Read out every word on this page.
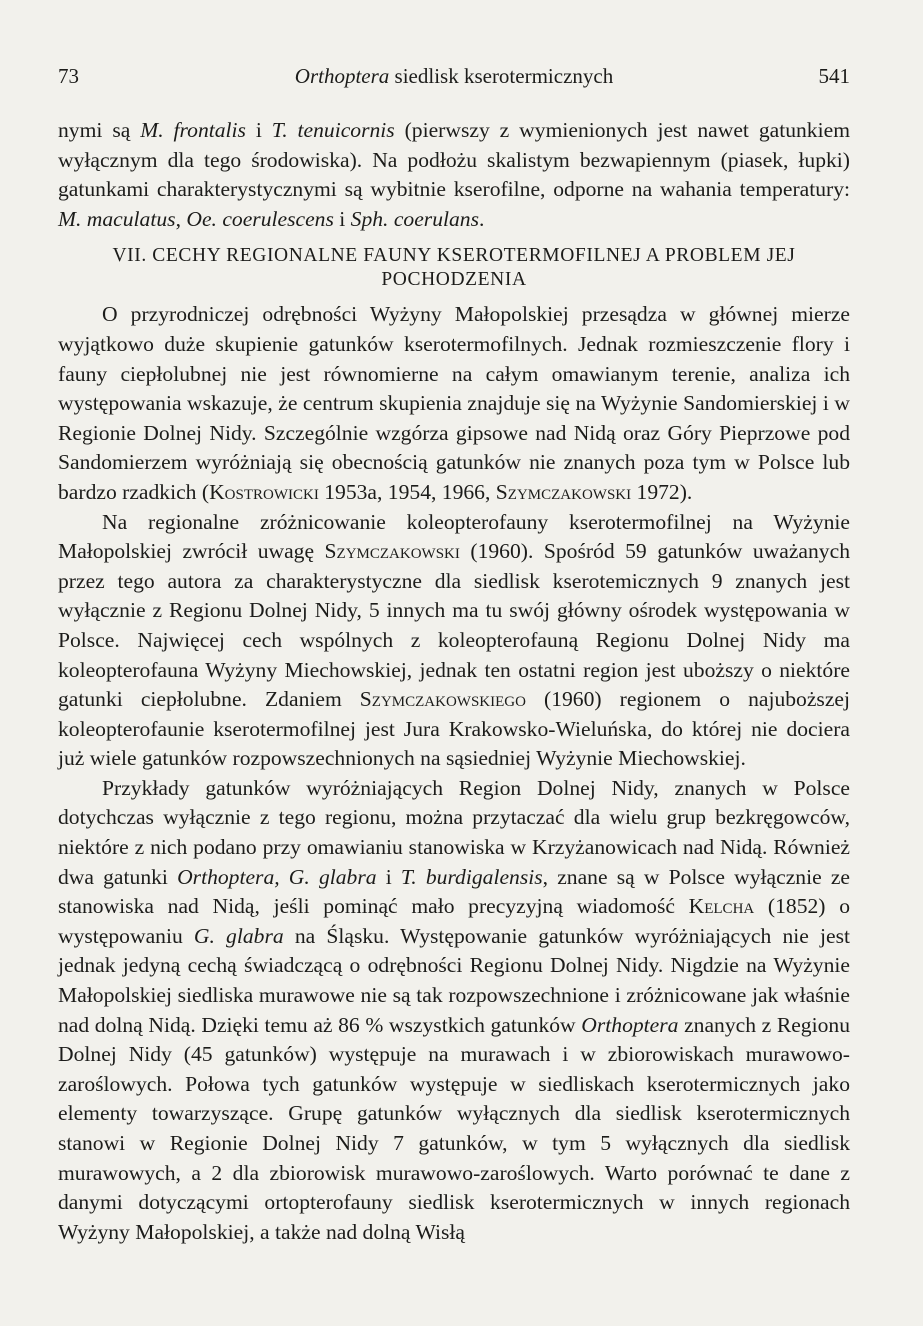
73	Orthoptera siedlisk kserotermicznych	541

nymi są M. frontalis i T. tenuicornis (pierwszy z wymienionych jest nawet gatunkiem wyłącznym dla tego środowiska). Na podłożu skalistym bezwapiennym (piasek, łupki) gatunkami charakterystycznymi są wybitnie kserofilne, odporne na wahania temperatury: M. maculatus, Oe. coerulescens i Sph. coerulans.

VII. CECHY REGIONALNE FAUNY KSEROTERMOFILNEJ A PROBLEM JEJ
POCHODZENIA

O przyrodniczej odrębności Wyżyny Małopolskiej przesądza w głównej mierze wyjątkowo duże skupienie gatunków kserotermofilnych. Jednak rozmieszczenie flory i fauny ciepłolubnej nie jest równomierne na całym omawianym terenie, analiza ich występowania wskazuje, że centrum skupienia znajduje się na Wyżynie Sandomierskiej i w Regionie Dolnej Nidy. Szczególnie wzgórza gipsowe nad Nidą oraz Góry Pieprzowe pod Sandomierzem wyróżniają się obecnością gatunków nie znanych poza tym w Polsce lub bardzo rzadkich (Kostrowicki 1953a, 1954, 1966, Szymczakowski 1972).

Na regionalne zróżnicowanie koleopterofauny kserotermofilnej na Wyżynie Małopolskiej zwrócił uwagę Szymczakowski (1960). Spośród 59 gatunków uważanych przez tego autora za charakterystyczne dla siedlisk kserotemicznych 9 znanych jest wyłącznie z Regionu Dolnej Nidy, 5 innych ma tu swój główny ośrodek występowania w Polsce. Najwięcej cech wspólnych z koleopterofauną Regionu Dolnej Nidy ma koleopterofauna Wyżyny Miechowskiej, jednak ten ostatni region jest uboższy o niektóre gatunki ciepłolubne. Zdaniem Szymczakowskiego (1960) regionem o najuboższej koleopterofaunie kserotermofilnej jest Jura Krakowsko-Wieluńska, do której nie dociera już wiele gatunków rozpowszechnionych na sąsiedniej Wyżynie Miechowskiej.

Przykłady gatunków wyróżniających Region Dolnej Nidy, znanych w Polsce dotychczas wyłącznie z tego regionu, można przytaczać dla wielu grup bezkręgowców, niektóre z nich podano przy omawianiu stanowiska w Krzyżanowicach nad Nidą. Również dwa gatunki Orthoptera, G. glabra i T. burdigalensis, znane są w Polsce wyłącznie ze stanowiska nad Nidą, jeśli pominąć mało precyzyjną wiadomość Kelcha (1852) o występowaniu G. glabra na Śląsku. Występowanie gatunków wyróżniających nie jest jednak jedyną cechą świadczącą o odrębności Regionu Dolnej Nidy. Nigdzie na Wyżynie Małopolskiej siedliska murawowe nie są tak rozpowszechnione i zróżnicowane jak właśnie nad dolną Nidą. Dzięki temu aż 86 % wszystkich gatunków Orthoptera znanych z Regionu Dolnej Nidy (45 gatunków) występuje na murawach i w zbiorowiskach murawowo-zaroślowych. Połowa tych gatunków występuje w siedliskach kserotermicznych jako elementy towarzyszące. Grupę gatunków wyłącznych dla siedlisk kserotermicznych stanowi w Regionie Dolnej Nidy 7 gatunków, w tym 5 wyłącznych dla siedlisk murawowych, a 2 dla zbiorowisk murawowo-zaroślowych. Warto porównać te dane z danymi dotyczącymi ortopterofauny siedlisk kserotermicznych w innych regionach Wyżyny Małopolskiej, a także nad dolną Wisłą
